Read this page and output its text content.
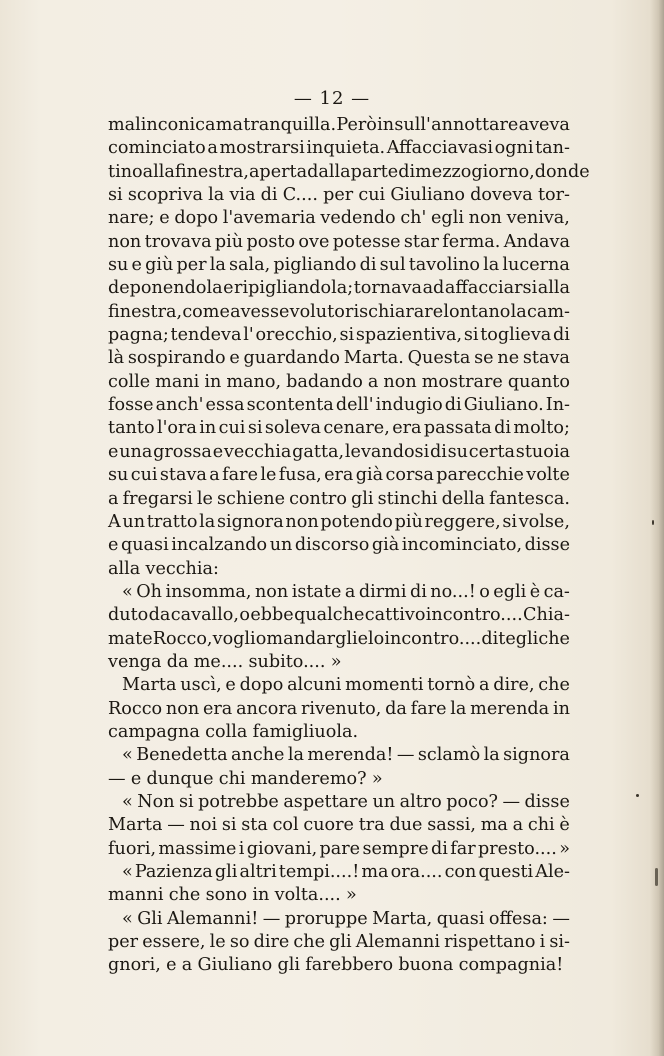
— 12 —

malinconica ma tranquilla. Però in sull' annottare aveva
cominciato a mostrarsi inquieta. Affacciavasi ogni tan-
tino alla finestra, aperta dalla parte di mezzogiorno, donde
si scopriva la via di C.... per cui Giuliano doveva tor-
nare; e dopo l'avemaria vedendo ch' egli non veniva,
non trovava più posto ove potesse star ferma. Andava
su e giù per la sala, pigliando di sul tavolino la lucerna
deponendola e ripigliandola; tornava ad affacciarsi alla
finestra, come avesse voluto rischiarare lontano la cam-
pagna; tendeva l' orecchio, si spazientiva, si toglieva di
là sospirando e guardando Marta. Questa se ne stava
colle mani in mano, badando a non mostrare quanto
fosse anch' essa scontenta dell' indugio di Giuliano. In-
tanto l'ora in cui si soleva cenare, era passata di molto;
e una grossa e vecchia gatta, levandosi di su certa stuoia
su cui stava a fare le fusa, era già corsa parecchie volte
a fregarsi le schiene contro gli stinchi della fantesca.
A un tratto la signora non potendo più reggere, si volse,
e quasi incalzando un discorso già incominciato, disse
alla vecchia:
« Oh insomma, non istate a dirmi di no...! o egli è ca-
duto da cavallo, o ebbe qualche cattivo incontro.... Chia-
mate Rocco, voglio mandarglielo incontro.... ditegli che
venga da me.... subito.... »
Marta uscì, e dopo alcuni momenti tornò a dire, che
Rocco non era ancora rivenuto, da fare la merenda in
campagna colla famigliuola.
« Benedetta anche la merenda! — sclamò la signora
— e dunque chi manderemo? »
« Non si potrebbe aspettare un altro poco? — disse
Marta — noi si sta col cuore tra due sassi, ma a chi è
fuori, massime i giovani, pare sempre di far presto.... »
« Pazienza gli altri tempi....! ma ora.... con questi Ale-
manni che sono in volta.... »
« Gli Alemanni! — proruppe Marta, quasi offesa: —
per essere, le so dire che gli Alemanni rispettano i si-
gnori, e a Giuliano gli farebbero buona compagnia!
